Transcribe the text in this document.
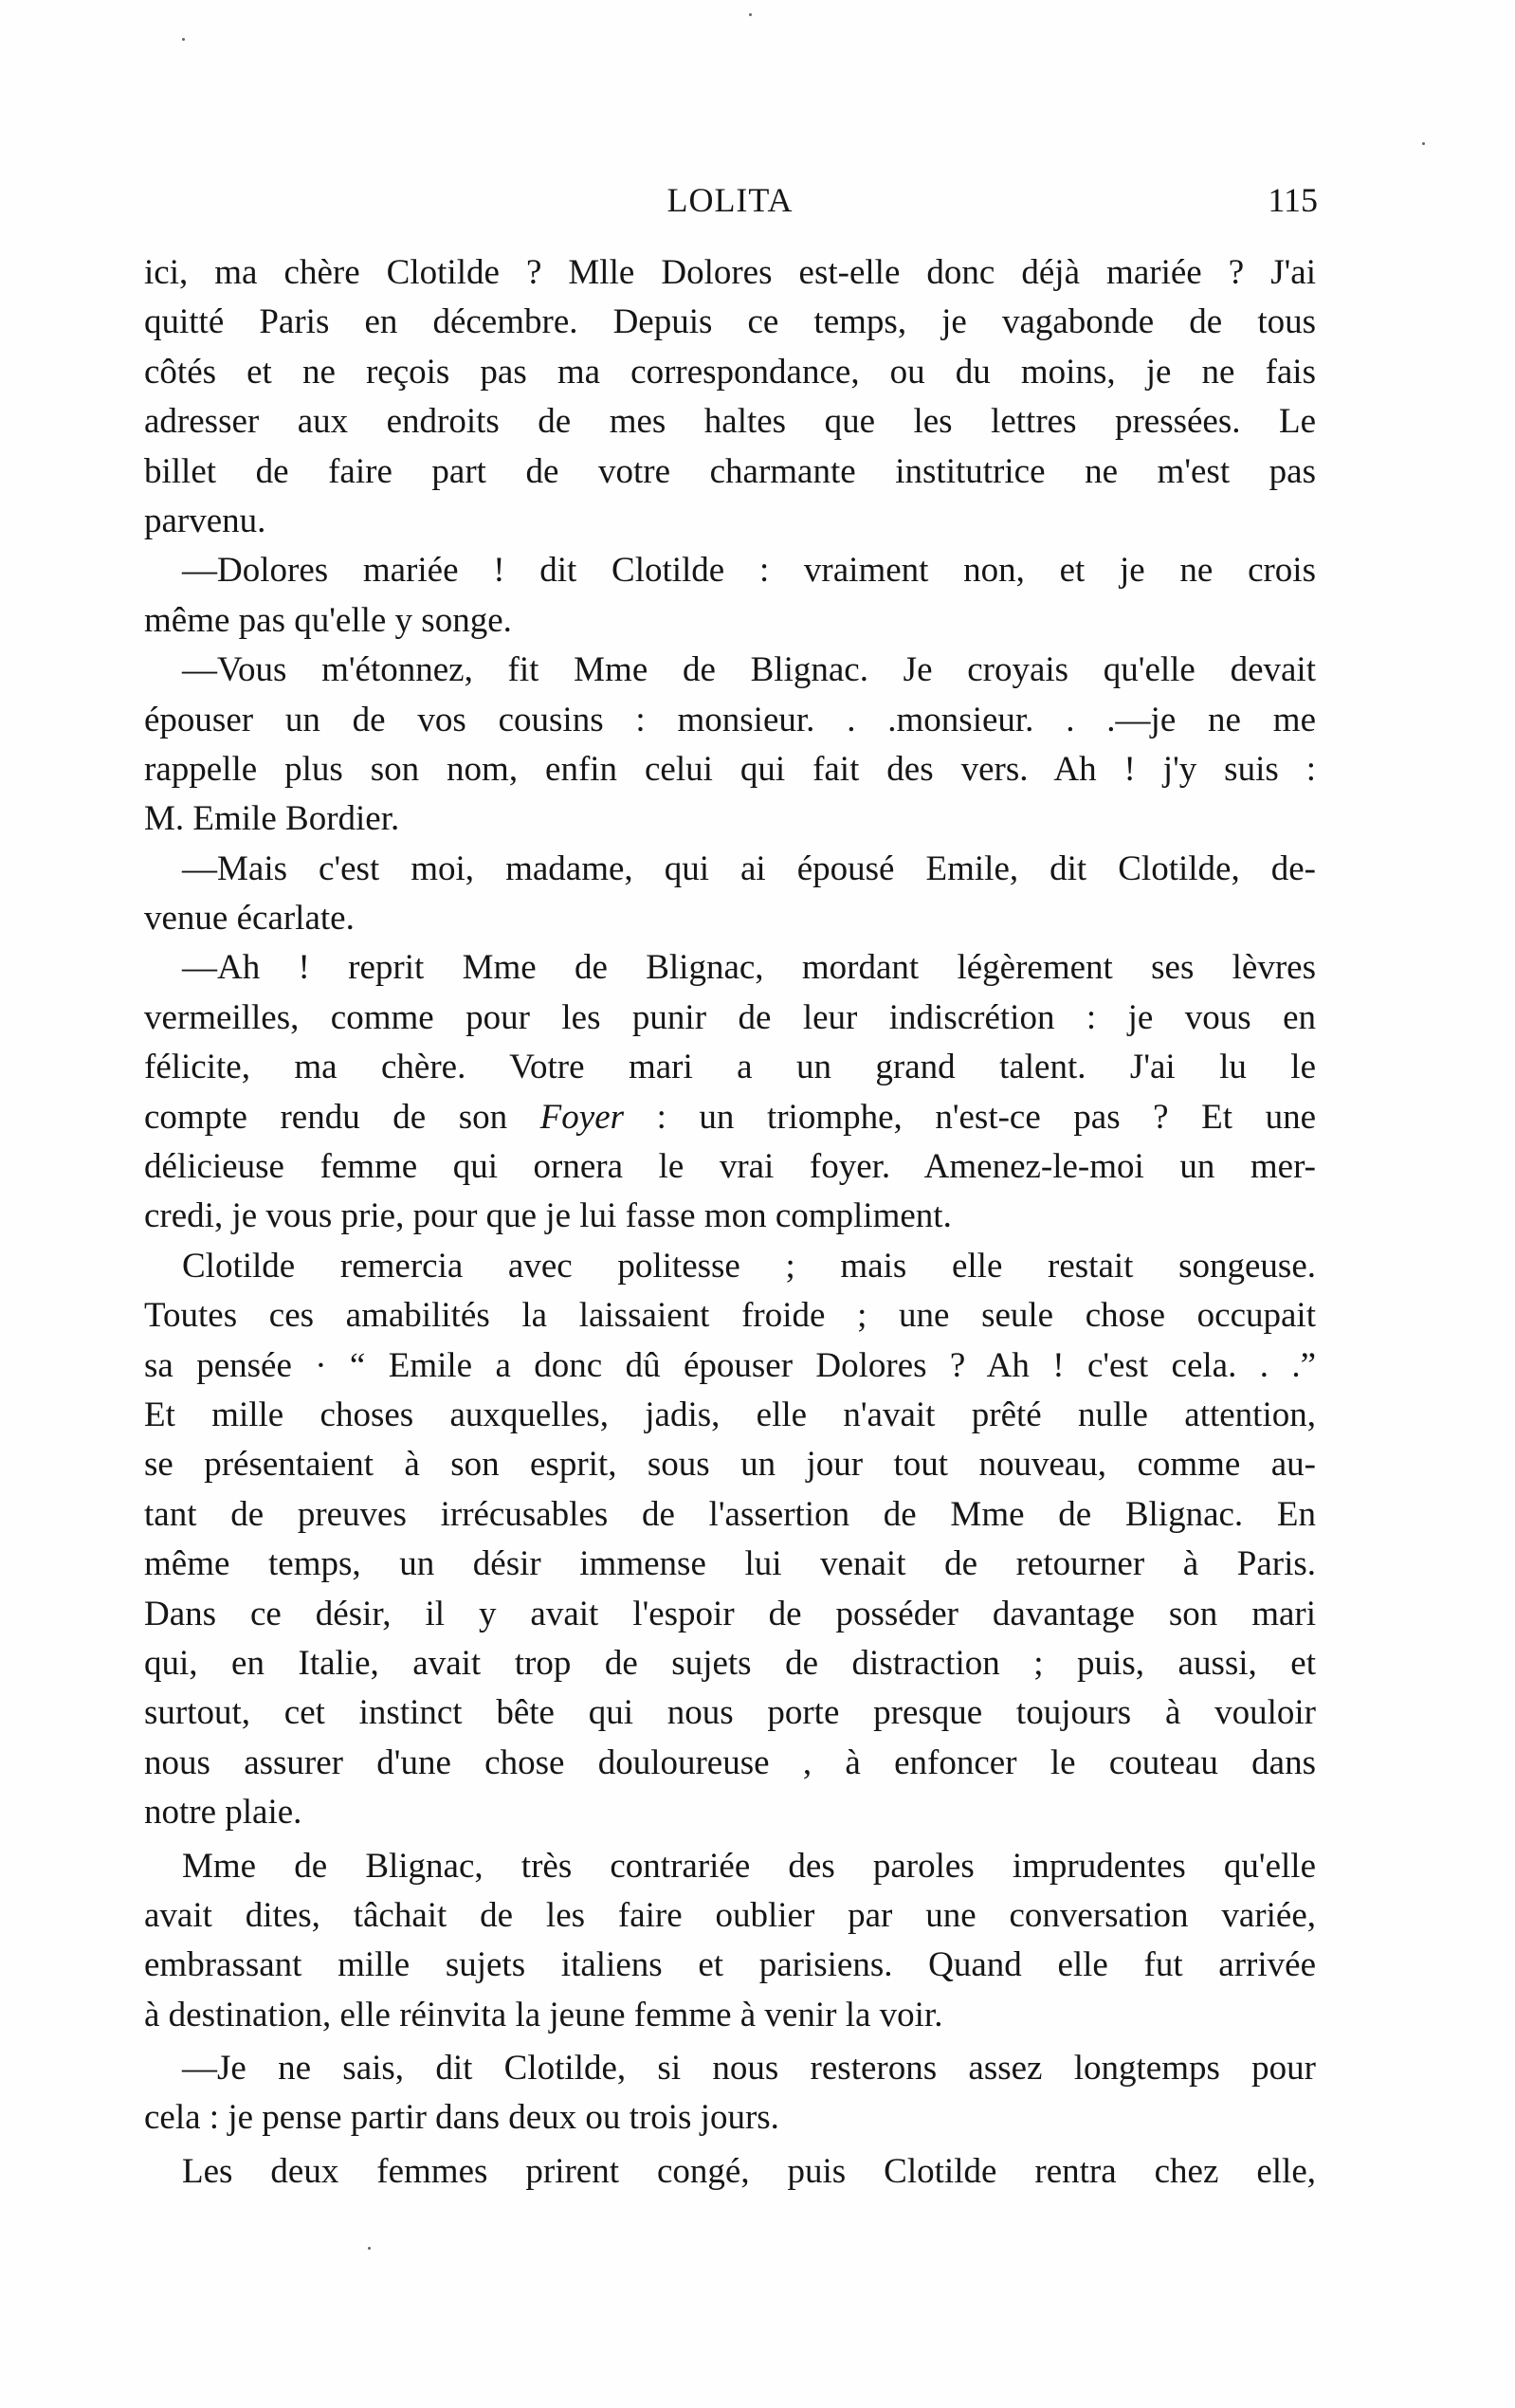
LOLITA	115
ici, ma chère Clotilde ? Mlle Dolores est-elle donc déjà mariée ? J'ai
quitté Paris en décembre. Depuis ce temps, je vagabonde de tous
côtés et ne reçois pas ma correspondance, ou du moins, je ne fais
adresser aux endroits de mes haltes que les lettres pressées. Le
billet de faire part de votre charmante institutrice ne m'est pas
parvenu.
—Dolores mariée ! dit Clotilde : vraiment non, et je ne crois
même pas qu'elle y songe.
—Vous m'étonnez, fit Mme de Blignac. Je croyais qu'elle devait
épouser un de vos cousins : monsieur. . .monsieur. . .—je ne me
rappelle plus son nom, enfin celui qui fait des vers. Ah ! j'y suis :
M. Emile Bordier.
—Mais c'est moi, madame, qui ai épousé Emile, dit Clotilde, de-
venue écarlate.
—Ah ! reprit Mme de Blignac, mordant légèrement ses lèvres
vermeilles, comme pour les punir de leur indiscrétion : je vous en
félicite, ma chère. Votre mari a un grand talent. J'ai lu le
compte rendu de son Foyer : un triomphe, n'est-ce pas ? Et une
délicieuse femme qui ornera le vrai foyer. Amenez-le-moi un mer-
credi, je vous prie, pour que je lui fasse mon compliment.
Clotilde remercia avec politesse ; mais elle restait songeuse.
Toutes ces amabilités la laissaient froide ; une seule chose occupait
sa pensée · “ Emile a donc dû épouser Dolores ? Ah ! c'est cela. . .”
Et mille choses auxquelles, jadis, elle n'avait prêté nulle attention,
se présentaient à son esprit, sous un jour tout nouveau, comme au-
tant de preuves irrécusables de l'assertion de Mme de Blignac. En
même temps, un désir immense lui venait de retourner à Paris.
Dans ce désir, il y avait l'espoir de posséder davantage son mari
qui, en Italie, avait trop de sujets de distraction ; puis, aussi, et
surtout, cet instinct bête qui nous porte presque toujours à vouloir
nous assurer d'une chose douloureuse , à enfoncer le couteau dans
notre plaie.
Mme de Blignac, très contrariée des paroles imprudentes qu'elle
avait dites, tâchait de les faire oublier par une conversation variée,
embrassant mille sujets italiens et parisiens. Quand elle fut arrivée
à destination, elle réinvita la jeune femme à venir la voir.
—Je ne sais, dit Clotilde, si nous resterons assez longtemps pour
cela : je pense partir dans deux ou trois jours.
Les deux femmes prirent congé, puis Clotilde rentra chez elle,
